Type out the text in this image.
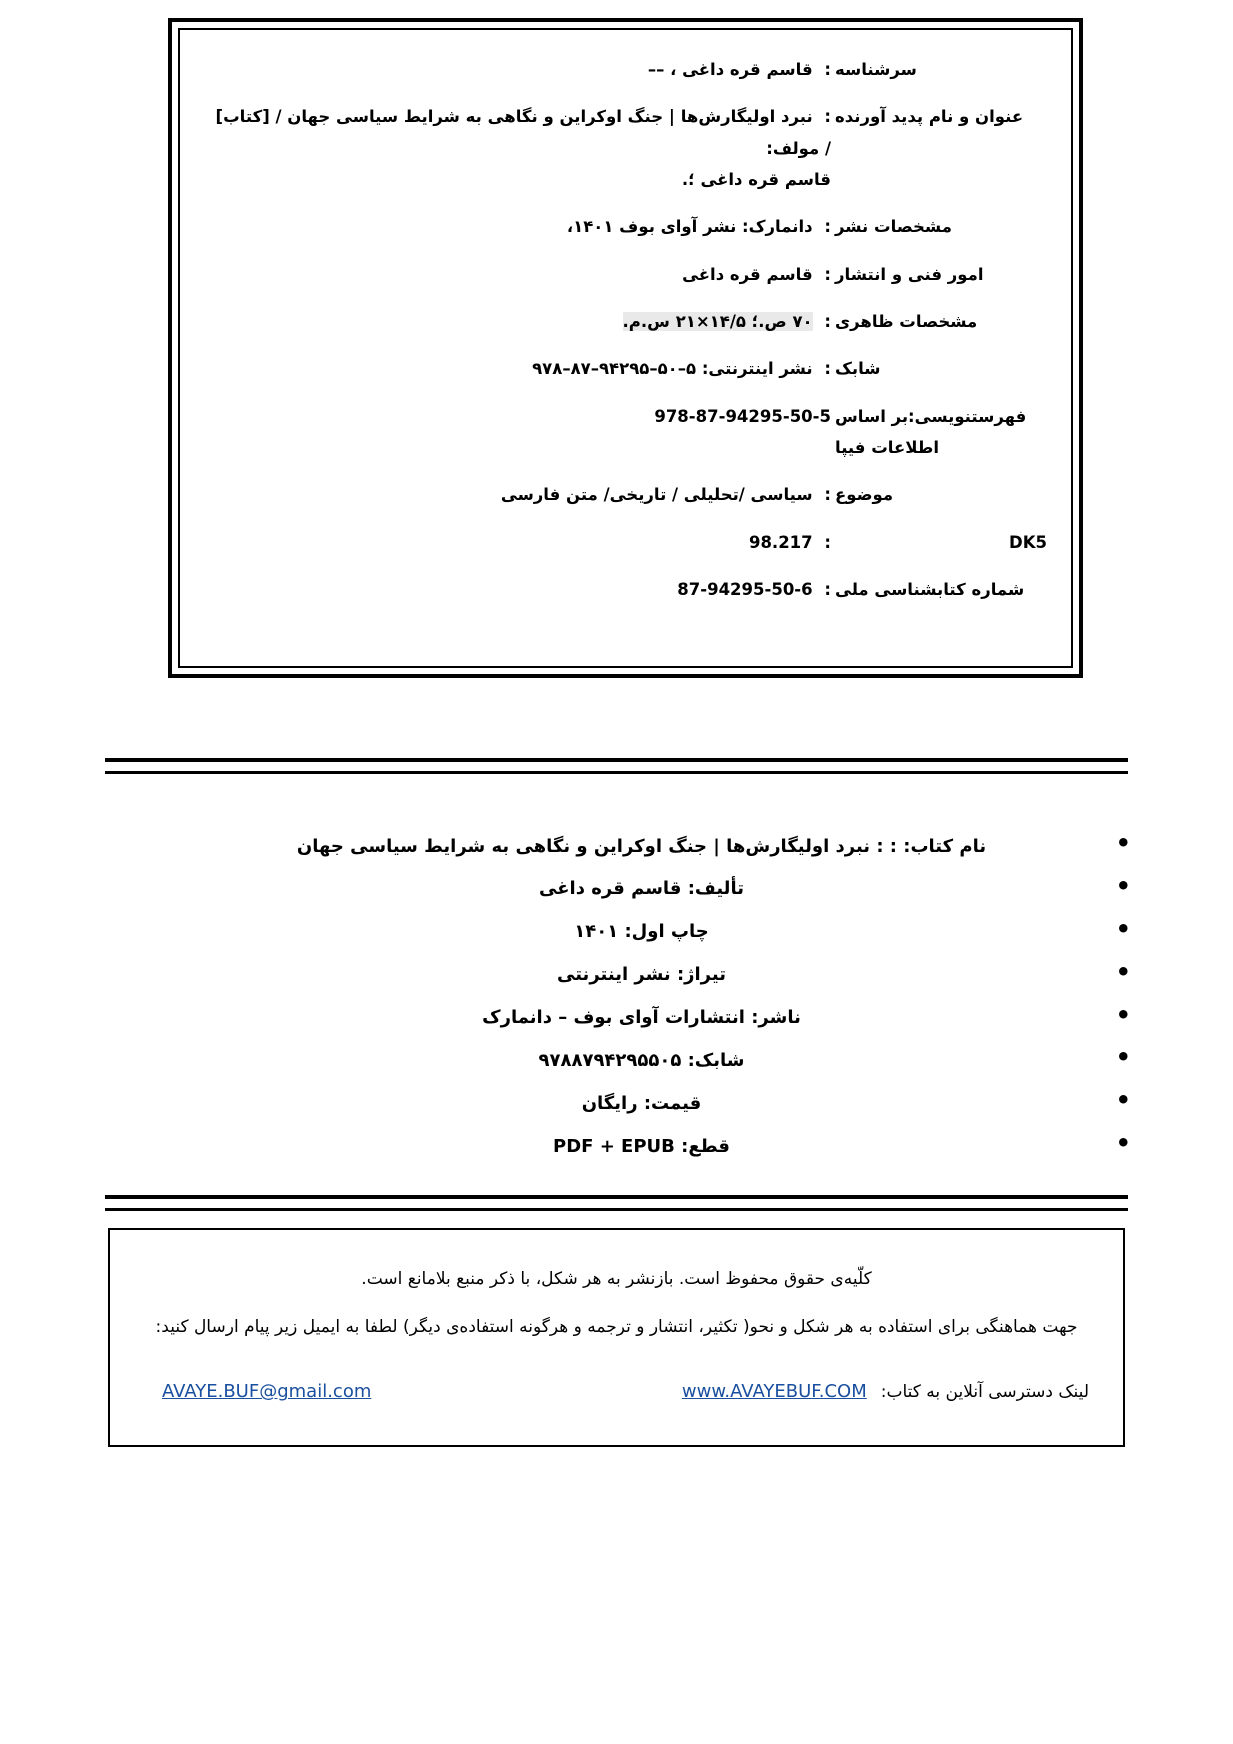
سرشناسه	: قاسم قره داغی ، ––
عنوان و نام پدید آورنده	: نبرد اولیگارش‌ها | جنگ اوکراین و نگاهی به شرایط سیاسی جهان / [کتاب] / مولف:
قاسم قره داغی ؛.

مشخصات نشر	: دانمارک: نشر آوای بوف ۱۴۰۱،
امور فنی و انتشار	: قاسم قره داغی
مشخصات ظاهری	: ۷۰ ص.؛ ۱۴/۵×۲۱ س.م.
شابک	: نشر اینترنتی: ۵–۵۰–۹۴۲۹۵–۸۷–۹۷۸

فهرستنویسی:بر اساس
اطلاعات فیپا	978-87-94295-50-5
موضوع	: سیاسی /تحلیلی / تاریخی/ متن فارسی
DK5	: 98.217
شماره کتابشناسی ملی	: 87-94295-50-6
• نام کتاب: : : نبرد اولیگارش‌ها | جنگ اوکراین و نگاهی به شرایط سیاسی جهان
• تألیف: قاسم قره داغی
• چاپ اول: ۱۴۰۱
• تیراژ: نشر اینترنتی
• ناشر: انتشارات آوای بوف – دانمارک
• شابک: ۹۷۸۸۷۹۴۲۹۵۵۰۵
• قیمت: رایگان
• قطع: PDF + EPUB
کلّیه‌ی حقوق محفوظ است. بازنشر به هر شکل، با ذکر منبع بلامانع است.
جهت هماهنگی برای استفاده به هر شکل و نحو( تکثیر، انتشار و ترجمه و هرگونه استفاده‌ی دیگر) لطفا به ایمیل زیر پیام ارسال کنید:
لینک دسترسی آنلاین به کتاب:
www.AVAYEBUF.COM
AVAYE.BUF@gmail.com
